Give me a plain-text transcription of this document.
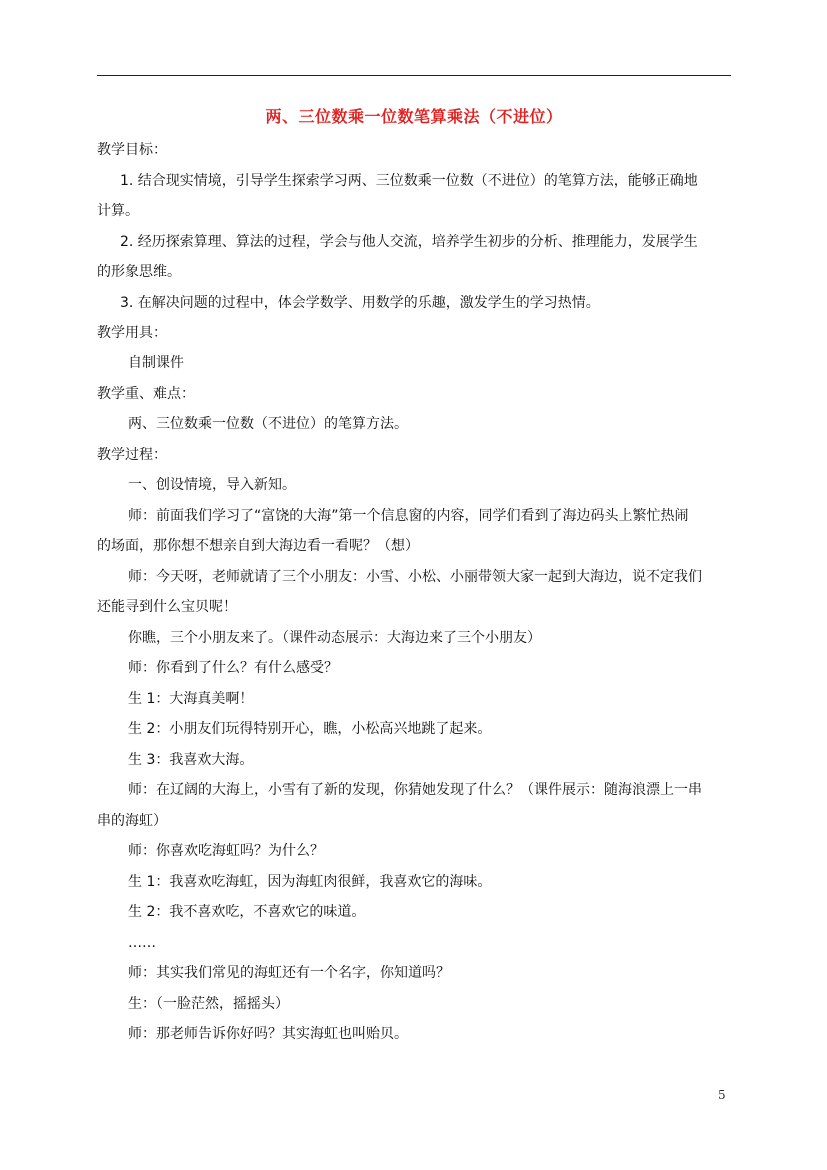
两、三位数乘一位数笔算乘法（不进位）
教学目标：
1. 结合现实情境，引导学生探索学习两、三位数乘一位数（不进位）的笔算方法，能够正确地
计算。
2. 经历探索算理、算法的过程，学会与他人交流，培养学生初步的分析、推理能力，发展学生
的形象思维。
3. 在解决问题的过程中，体会学数学、用数学的乐趣，激发学生的学习热情。
教学用具：
自制课件
教学重、难点：
两、三位数乘一位数（不进位）的笔算方法。
教学过程：
一、创设情境，导入新知。
师：前面我们学习了“富饶的大海”第一个信息窗的内容，同学们看到了海边码头上繁忙热闹
的场面，那你想不想亲自到大海边看一看呢？（想）
师：今天呀，老师就请了三个小朋友：小雪、小松、小丽带领大家一起到大海边，说不定我们
还能寻到什么宝贝呢！
你瞧，三个小朋友来了。（课件动态展示：大海边来了三个小朋友）
师：你看到了什么？有什么感受？
生 1：大海真美啊！
生 2：小朋友们玩得特别开心，瞧，小松高兴地跳了起来。
生 3：我喜欢大海。
师：在辽阔的大海上，小雪有了新的发现，你猜她发现了什么？（课件展示：随海浪漂上一串
串的海虹）
师：你喜欢吃海虹吗？为什么？
生 1：我喜欢吃海虹，因为海虹肉很鲜，我喜欢它的海味。
生 2：我不喜欢吃，不喜欢它的味道。
……
师：其实我们常见的海虹还有一个名字，你知道吗？
生：（一脸茫然，摇摇头）
师：那老师告诉你好吗？其实海虹也叫贻贝。
5
